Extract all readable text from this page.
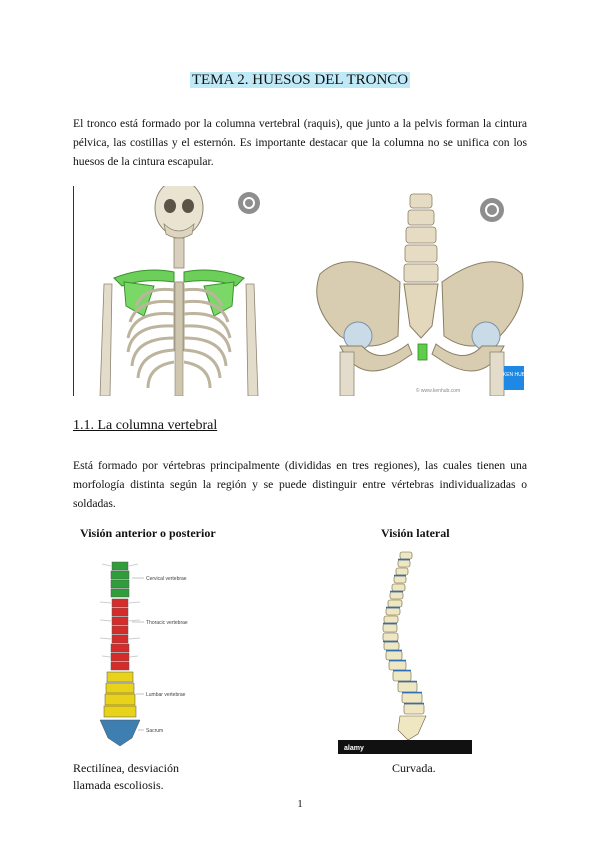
TEMA 2. HUESOS DEL TRONCO
El tronco está formado por la columna vertebral (raquis), que junto a la pelvis forman la cintura pélvica, las costillas y el esternón. Es importante destacar que la columna no se unifica con los huesos de la cintura escapular.
KEN HUB
© www.kenhub.com
1.1. La columna vertebral
Está formado por vértebras principalmente (divididas en tres regiones), las cuales tienen una morfología distinta según la región y se puede distinguir entre vértebras individualizadas o soldadas.
Visión anterior o posterior	Visión lateral
Cervical vertebrae
Thoracic vertebrae
Lumbar vertebrae
Sacrum
alamy
Rectilínea, desviación llamada escoliosis.
Curvada.
1
